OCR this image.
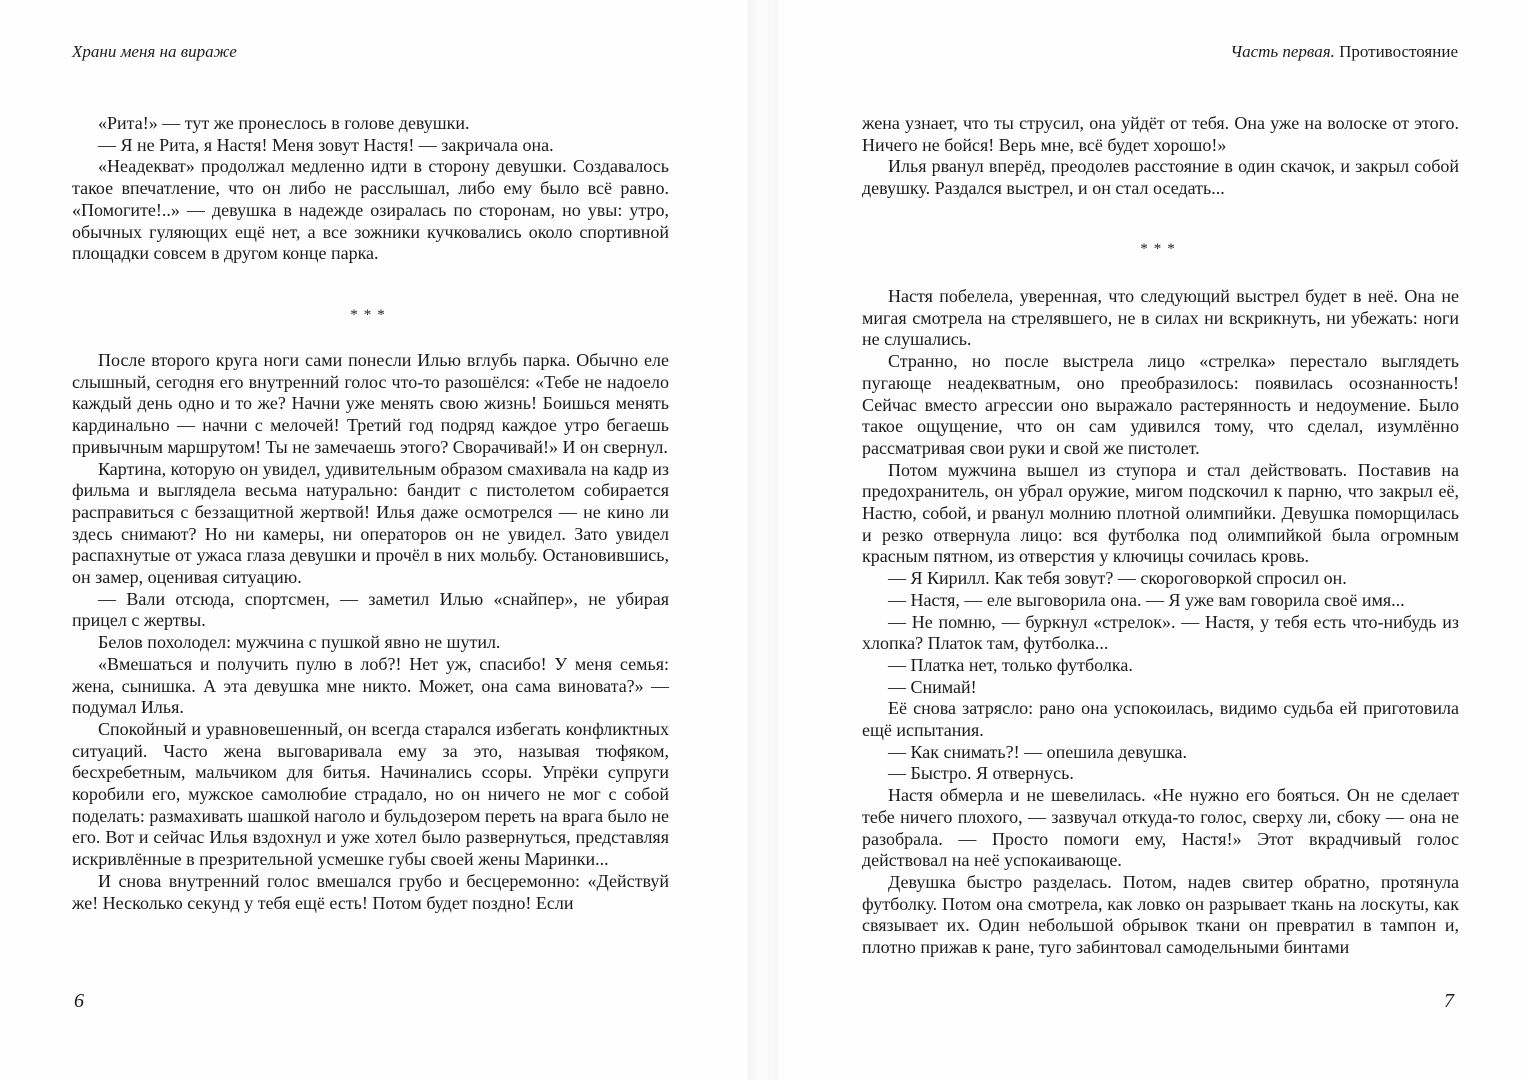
Храни меня на вираже

«Рита!» — тут же пронеслось в голове девушки.

— Я не Рита, я Настя! Меня зовут Настя! — закричала она.

«Неадекват» продолжал медленно идти в сторону девушки. Создавалось такое впечатление, что он либо не расслышал, либо ему было всё равно. «Помогите!..» — девушка в надежде озиралась по сторонам, но увы: утро, обычных гуляющих ещё нет, а все зожники кучковались около спортивной площадки совсем в другом конце парка.

***

После второго круга ноги сами понесли Илью вглубь парка. Обычно еле слышный, сегодня его внутренний голос что-то разошёлся: «Тебе не надоело каждый день одно и то же? Начни уже менять свою жизнь! Боишься менять кардинально — начни с мелочей! Третий год подряд каждое утро бегаешь привычным маршрутом! Ты не замечаешь этого? Сворачивай!» И он свернул.

Картина, которую он увидел, удивительным образом смахивала на кадр из фильма и выглядела весьма натурально: бандит с пистолетом собирается расправиться с беззащитной жертвой! Илья даже осмотрелся — не кино ли здесь снимают? Но ни камеры, ни операторов он не увидел. Зато увидел распахнутые от ужаса глаза девушки и прочёл в них мольбу. Остановившись, он замер, оценивая ситуацию.

— Вали отсюда, спортсмен, — заметил Илью «снайпер», не убирая прицел с жертвы.

Белов похолодел: мужчина с пушкой явно не шутил.

«Вмешаться и получить пулю в лоб?! Нет уж, спасибо! У меня семья: жена, сынишка. А эта девушка мне никто. Может, она сама виновата?» — подумал Илья.

Спокойный и уравновешенный, он всегда старался избегать конфликтных ситуаций. Часто жена выговаривала ему за это, называя тюфяком, бесхребетным, мальчиком для битья. Начинались ссоры. Упрёки супруги коробили его, мужское самолюбие страдало, но он ничего не мог с собой поделать: размахивать шашкой наголо и бульдозером переть на врага было не его. Вот и сейчас Илья вздохнул и уже хотел было развернуться, представляя искривлённые в презрительной усмешке губы своей жены Маринки...

И снова внутренний голос вмешался грубо и бесцеремонно: «Действуй же! Несколько секунд у тебя ещё есть! Потом будет поздно! Если

6
Часть первая. Противостояние

жена узнает, что ты струсил, она уйдёт от тебя. Она уже на волоске от этого. Ничего не бойся! Верь мне, всё будет хорошо!»

Илья рванул вперёд, преодолев расстояние в один скачок, и закрыл собой девушку. Раздался выстрел, и он стал оседать...

***

Настя побелела, уверенная, что следующий выстрел будет в неё. Она не мигая смотрела на стрелявшего, не в силах ни вскрикнуть, ни убежать: ноги не слушались.

Странно, но после выстрела лицо «стрелка» перестало выглядеть пугающе неадекватным, оно преобразилось: появилась осознанность! Сейчас вместо агрессии оно выражало растерянность и недоумение. Было такое ощущение, что он сам удивился тому, что сделал, изумлённо рассматривая свои руки и свой же пистолет.

Потом мужчина вышел из ступора и стал действовать. Поставив на предохранитель, он убрал оружие, мигом подскочил к парню, что закрыл её, Настю, собой, и рванул молнию плотной олимпийки. Девушка поморщилась и резко отвернула лицо: вся футболка под олимпийкой была огромным красным пятном, из отверстия у ключицы сочилась кровь.

— Я Кирилл. Как тебя зовут? — скороговоркой спросил он.

— Настя, — еле выговорила она. — Я уже вам говорила своё имя...

— Не помню, — буркнул «стрелок». — Настя, у тебя есть что-нибудь из хлопка? Платок там, футболка...

— Платка нет, только футболка.

— Снимай!

Её снова затрясло: рано она успокоилась, видимо судьба ей приготовила ещё испытания.

— Как снимать?! — опешила девушка.

— Быстро. Я отвернусь.

Настя обмерла и не шевелилась. «Не нужно его бояться. Он не сделает тебе ничего плохого, — зазвучал откуда-то голос, сверху ли, сбоку — она не разобрала. — Просто помоги ему, Настя!» Этот вкрадчивый голос действовал на неё успокаивающе.

Девушка быстро разделась. Потом, надев свитер обратно, протянула футболку. Потом она смотрела, как ловко он разрывает ткань на лоскуты, как связывает их. Один небольшой обрывок ткани он превратил в тампон и, плотно прижав к ране, туго забинтовал самодельными бинтами

7
